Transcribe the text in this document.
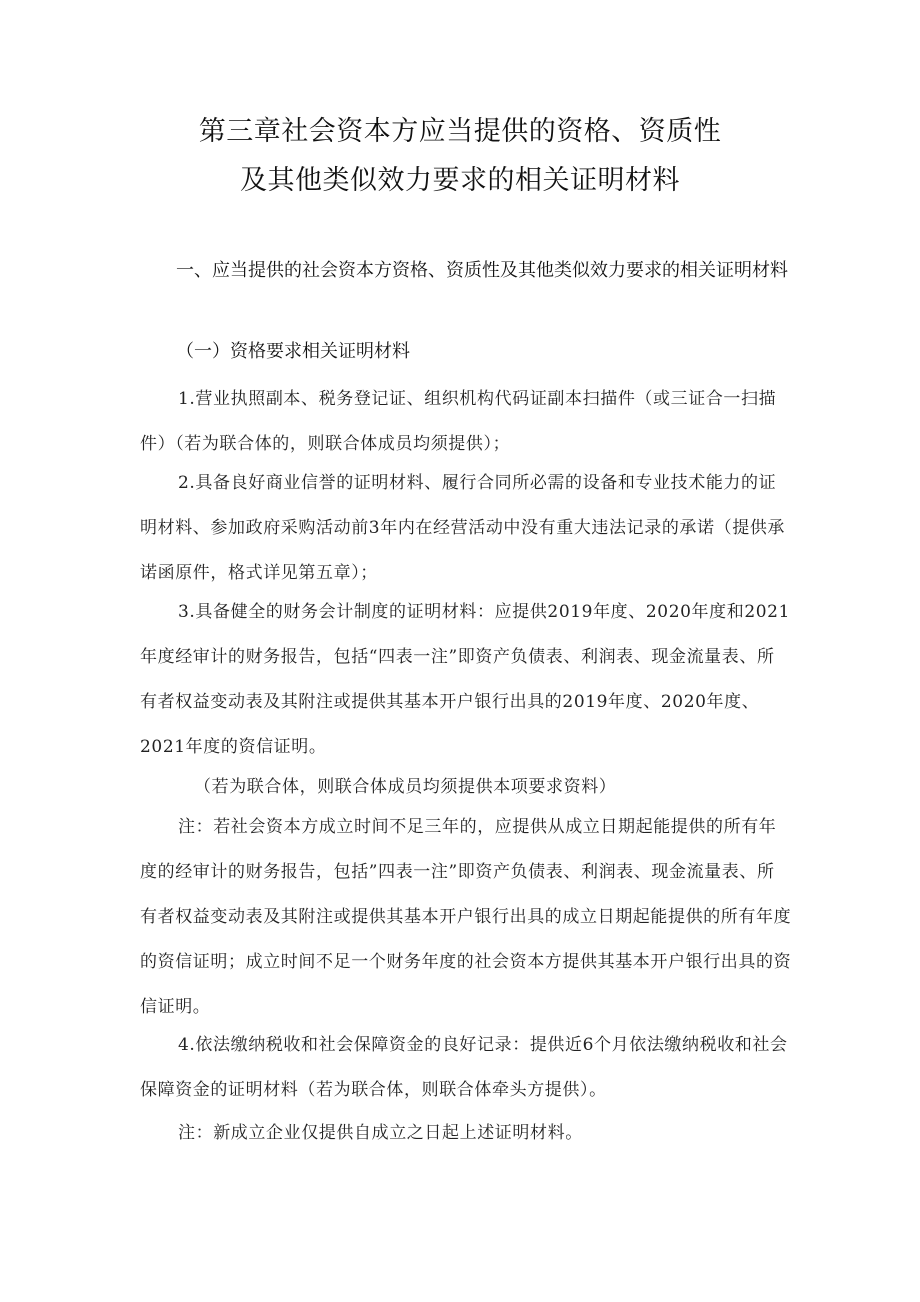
第三章社会资本方应当提供的资格、资质性
及其他类似效力要求的相关证明材料
一、应当提供的社会资本方资格、资质性及其他类似效力要求的相关证明材料
（一）资格要求相关证明材料
1.营业执照副本、税务登记证、组织机构代码证副本扫描件（或三证合一扫描件）（若为联合体的，则联合体成员均须提供）；
2.具备良好商业信誉的证明材料、履行合同所必需的设备和专业技术能力的证明材料、参加政府采购活动前3年内在经营活动中没有重大违法记录的承诺（提供承诺函原件，格式详见第五章）；
3.具备健全的财务会计制度的证明材料：应提供2019年度、2020年度和2021年度经审计的财务报告，包括“四表一注”即资产负债表、利润表、现金流量表、所有者权益变动表及其附注或提供其基本开户银行出具的2019年度、2020年度、2021年度的资信证明。
（若为联合体，则联合体成员均须提供本项要求资料）
注：若社会资本方成立时间不足三年的，应提供从成立日期起能提供的所有年度的经审计的财务报告，包括”四表一注”即资产负债表、利润表、现金流量表、所有者权益变动表及其附注或提供其基本开户银行出具的成立日期起能提供的所有年度的资信证明；成立时间不足一个财务年度的社会资本方提供其基本开户银行出具的资信证明。
4.依法缴纳税收和社会保障资金的良好记录：提供近6个月依法缴纳税收和社会保障资金的证明材料（若为联合体，则联合体牵头方提供）。
注：新成立企业仅提供自成立之日起上述证明材料。
